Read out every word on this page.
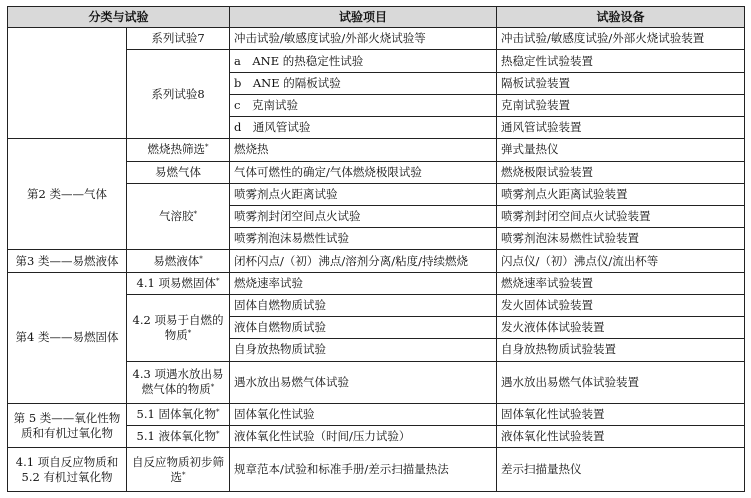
分类与试验		试验项目	试验设备
	系列试验7	冲击试验/敏感度试验/外部火烧试验等	冲击试验/敏感度试验/外部火烧试验装置
	系列试验8	a　ANE 的热稳定性试验	热稳定性试验装置
		b　ANE 的隔板试验	隔板试验装置
		c　克南试验	克南试验装置
		d　通风管试验	通风管试验装置
第2 类——气体	燃烧热筛选*	燃烧热	弹式量热仪
	易燃气体	气体可燃性的确定/气体燃烧极限试验	燃烧极限试验装置
	气溶胶*	喷雾剂点火距离试验	喷雾剂点火距离试验装置
		喷雾剂封闭空间点火试验	喷雾剂封闭空间点火试验装置
		喷雾剂泡沫易燃性试验	喷雾剂泡沫易燃性试验装置
第3 类——易燃液体	易燃液体*	闭杯闪点/（初）沸点/溶剂分离/粘度/持续燃烧	闪点仪/（初）沸点仪/流出杯等
第4 类——易燃固体	4.1 项易燃固体*	燃烧速率试验	燃烧速率试验装置
	4.2 项易于自燃的物质*	固体自燃物质试验	发火固体试验装置
		液体自燃物质试验	发火液体体试验装置
		自身放热物质试验	自身放热物质试验装置
	4.3 项遇水放出易燃气体的物质*	遇水放出易燃气体试验	遇水放出易燃气体试验装置
第 5 类——氧化性物质和有机过氧化物	5.1 固体氧化物*	固体氧化性试验	固体氧化性试验装置
	5.1 液体氧化物*	液体氧化性试验（时间/压力试验）	液体氧化性试验装置
4.1 项自反应物质和 5.2 有机过氧化物	自反应物质初步筛选*	规章范本/试验和标准手册/差示扫描量热法	差示扫描量热仪
